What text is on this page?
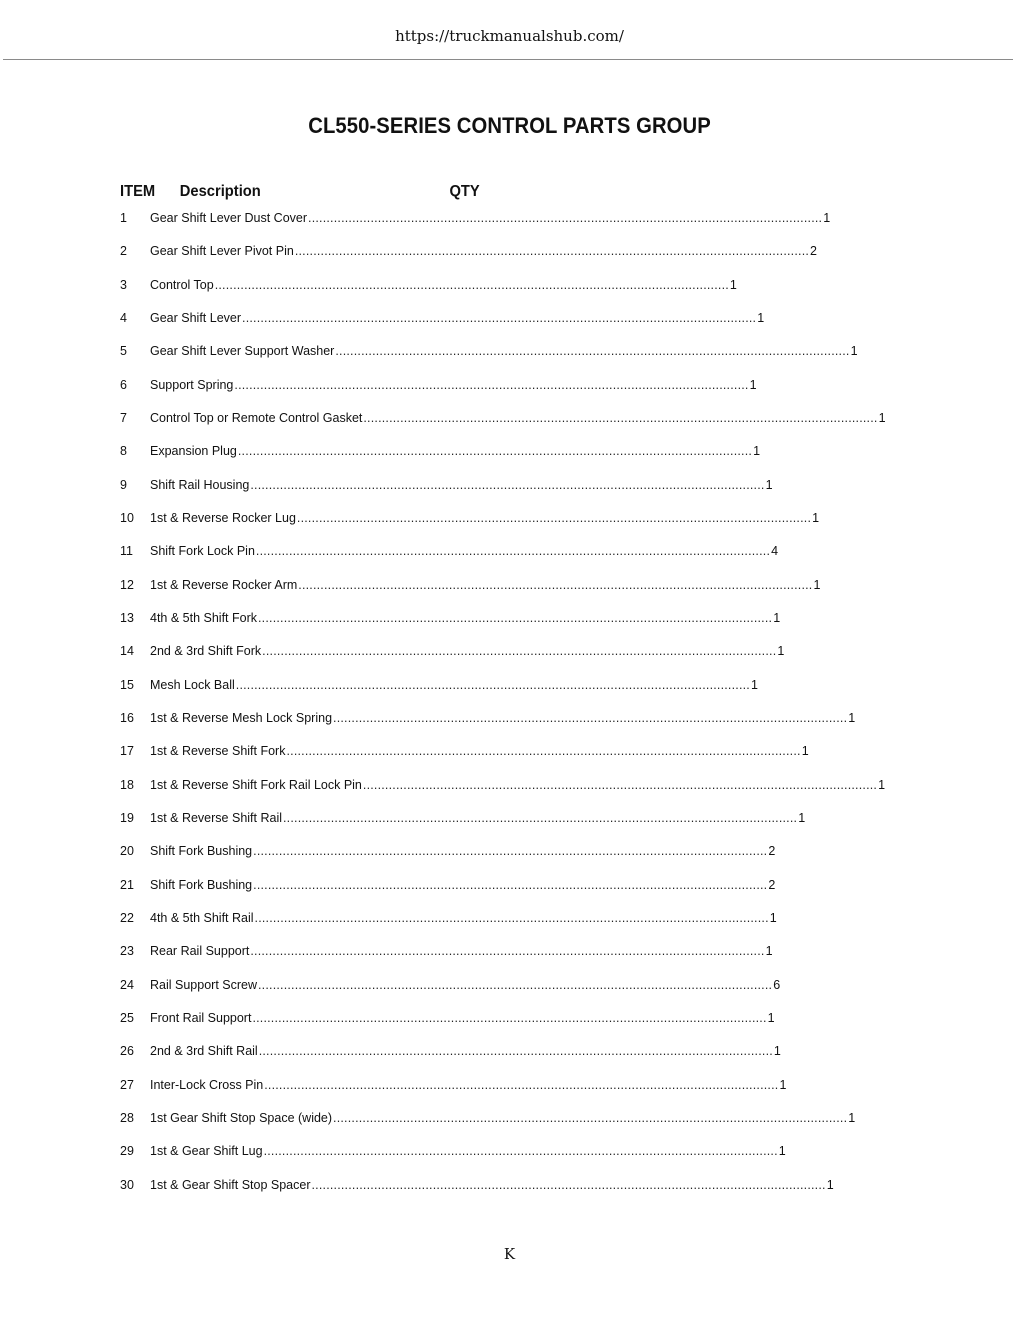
https://truckmanualshub.com/
CL550-SERIES CONTROL PARTS GROUP
ITEM Description	QTY
1	Gear Shift Lever Dust Cover ............................................................................................................................................ 1
2	Gear Shift Lever Pivot Pin ............................................................................................................................................ 2
3	Control Top ............................................................................................................................................ 1
4	Gear Shift Lever ............................................................................................................................................ 1
5	Gear Shift Lever Support Washer ............................................................................................................................................ 1
6	Support Spring ............................................................................................................................................ 1
7	Control Top or Remote Control Gasket ............................................................................................................................................ 1
8	Expansion Plug ............................................................................................................................................ 1
9	Shift Rail Housing ............................................................................................................................................ 1
10	1st & Reverse Rocker Lug ............................................................................................................................................ 1
11	Shift Fork Lock Pin ............................................................................................................................................ 4
12	1st & Reverse Rocker Arm ............................................................................................................................................ 1
13	4th & 5th Shift Fork ............................................................................................................................................ 1
14	2nd & 3rd Shift Fork ............................................................................................................................................ 1
15	Mesh Lock Ball ............................................................................................................................................ 1
16	1st & Reverse Mesh Lock Spring ............................................................................................................................................ 1
17	1st & Reverse Shift Fork ............................................................................................................................................ 1
18	1st & Reverse Shift Fork Rail Lock Pin ............................................................................................................................................ 1
19	1st & Reverse Shift Rail ............................................................................................................................................ 1
20	Shift Fork Bushing ............................................................................................................................................ 2
21	Shift Fork Bushing ............................................................................................................................................ 2
22	4th & 5th Shift Rail ............................................................................................................................................ 1
23	Rear Rail Support ............................................................................................................................................ 1
24	Rail Support Screw ............................................................................................................................................ 6
25	Front Rail Support ............................................................................................................................................ 1
26	2nd & 3rd Shift Rail ............................................................................................................................................ 1
27	Inter-Lock Cross Pin ............................................................................................................................................ 1
28	1st Gear Shift Stop Space (wide) ............................................................................................................................................ 1
29	1st & Gear Shift Lug ............................................................................................................................................ 1
30	1st & Gear Shift Stop Spacer ............................................................................................................................................ 1
K
